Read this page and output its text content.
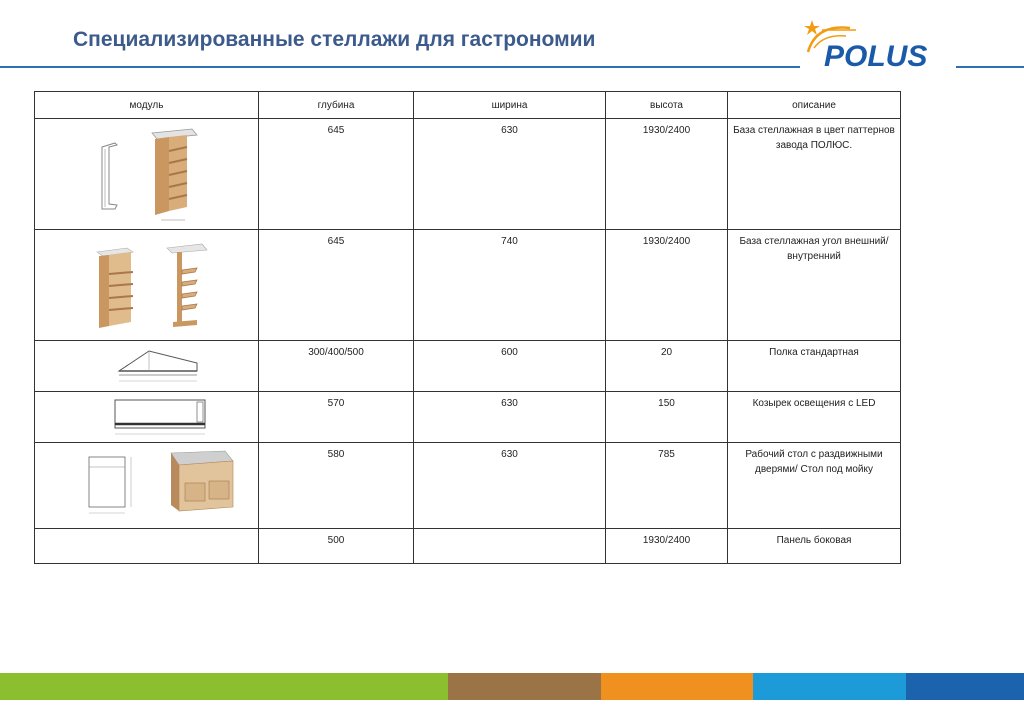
Специализированные стеллажи для гастрономии
POLUS
модуль	глубина	ширина	высота	описание

	645	630	1930/2400	База стеллажная в цвет паттернов завода ПОЛЮС.

	645	740	1930/2400	База стеллажная угол внешний/внутренний

	300/400/500	600	20	Полка стандартная

	570	630	150	Козырек освещения с LED

	580	630	785	Рабочий стол с раздвижными дверями/ Стол под мойку
	500		1930/2400	Панель боковая
